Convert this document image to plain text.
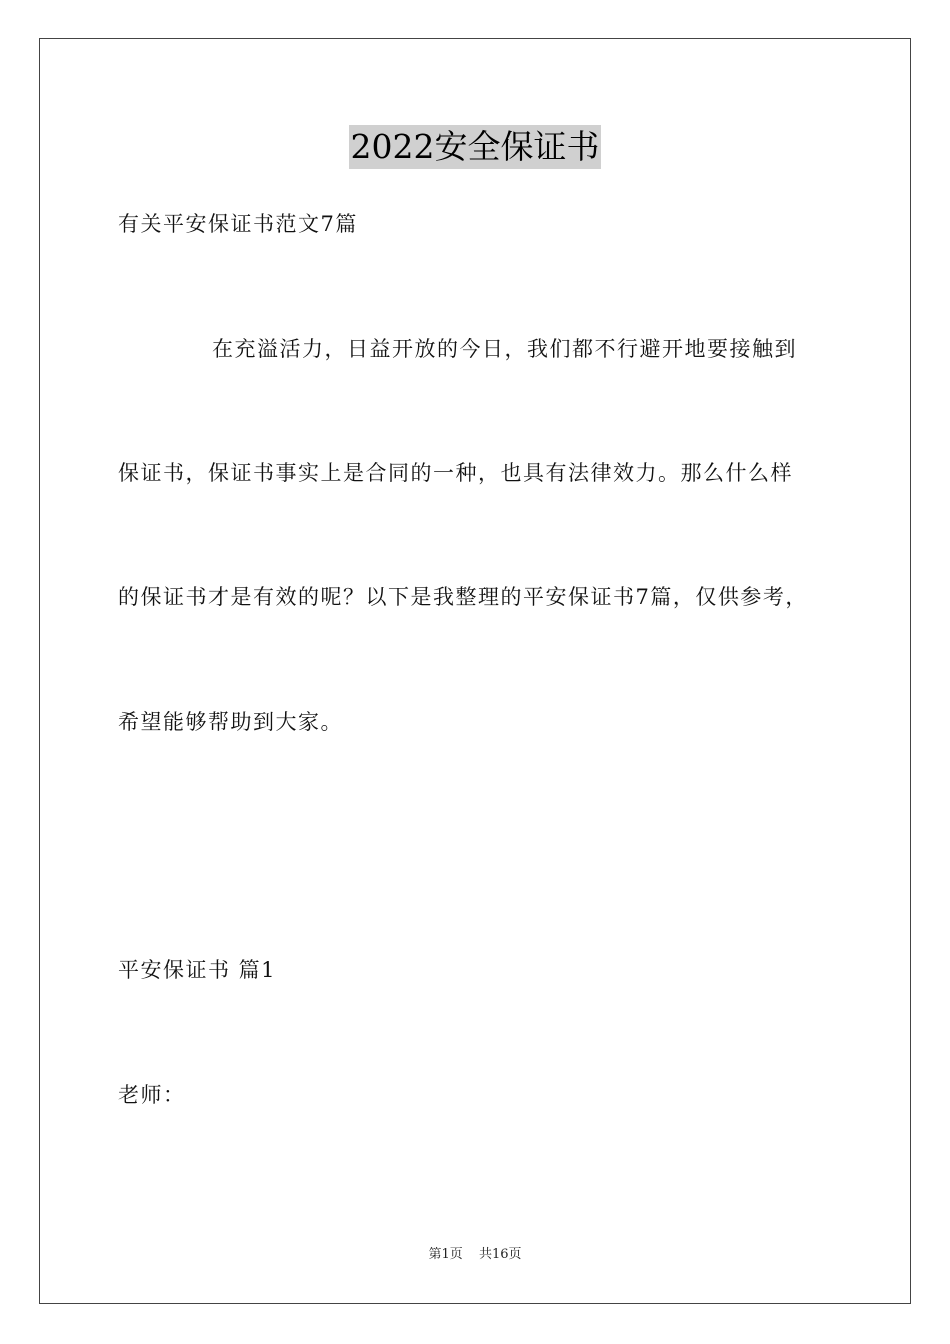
2022安全保证书
有关平安保证书范文7篇
在充溢活力，日益开放的今日，我们都不行避开地要接触到
保证书，保证书事实上是合同的一种，也具有法律效力。那么什么样
的保证书才是有效的呢？以下是我整理的平安保证书7篇，仅供参考，
希望能够帮助到大家。
平安保证书 篇1
老师：
第1页 共16页
